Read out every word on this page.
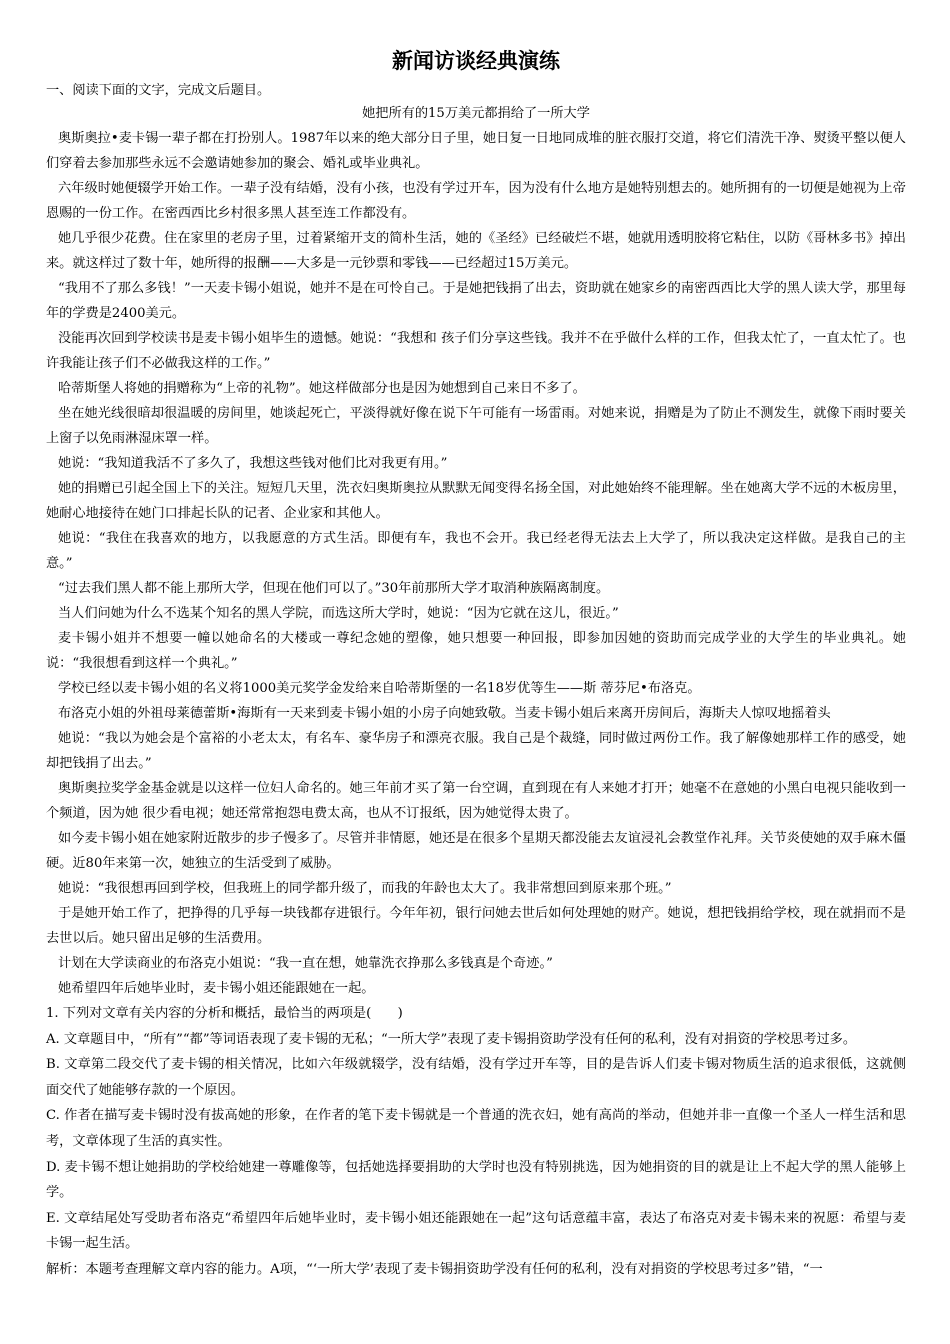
新闻访谈经典演练
一、阅读下面的文字，完成文后题目。
她把所有的15万美元都捐给了一所大学

奥斯奥拉•麦卡锡一辈子都在打扮别人。1987年以来的绝大部分日子里，她日复一日地同成堆的脏衣服打交道，将它们清洗干净、熨烫平整以便人们穿着去参加那些永远不会邀请她参加的聚会、婚礼或毕业典礼。

六年级时她便辍学开始工作。一辈子没有结婚，没有小孩，也没有学过开车，因为没有什么地方是她特别想去的。她所拥有的一切便是她视为上帝恩赐的一份工作。在密西西比乡村很多黑人甚至连工作都没有。

她几乎很少花费。住在家里的老房子里，过着紧缩开支的简朴生活，她的《圣经》已经破烂不堪，她就用透明胶将它粘住，以防《哥林多书》掉出来。就这样过了数十年，她所得的报酬——大多是一元钞票和零钱——已经超过15万美元。

“我用不了那么多钱！”一天麦卡锡小姐说，她并不是在可怜自己。于是她把钱捐了出去，资助就在她家乡的南密西西比大学的黑人读大学，那里每年的学费是2400美元。

没能再次回到学校读书是麦卡锡小姐毕生的遗憾。她说：“我想和 孩子们分享这些钱。我并不在乎做什么样的工作，但我太忙了，一直太忙了。也许我能让孩子们不必做我这样的工作。”

哈蒂斯堡人将她的捐赠称为“上帝的礼物”。她这样做部分也是因为她想到自己来日不多了。

坐在她光线很暗却很温暖的房间里，她谈起死亡，平淡得就好像在说下午可能有一场雷雨。对她来说，捐赠是为了防止不测发生，就像下雨时要关上窗子以免雨淋湿床罩一样。

她说：“我知道我活不了多久了，我想这些钱对他们比对我更有用。”

她的捐赠已引起全国上下的关注。短短几天里，洗衣妇奥斯奥拉从默默无闻变得名扬全国，对此她始终不能理解。坐在她离大学不远的木板房里，她耐心地接待在她门口排起长队的记者、企业家和其他人。

她说：“我住在我喜欢的地方，以我愿意的方式生活。即便有车，我也不会开。我已经老得无法去上大学了，所以我决定这样做。是我自己的主意。”

“过去我们黑人都不能上那所大学，但现在他们可以了。”30年前那所大学才取消种族隔离制度。

当人们问她为什么不选某个知名的黑人学院，而选这所大学时，她说：“因为它就在这儿，很近。”

麦卡锡小姐并不想要一幢以她命名的大楼或一尊纪念她的塑像，她只想要一种回报，即参加因她的资助而完成学业的大学生的毕业典礼。她说：“我很想看到这样一个典礼。”

学校已经以麦卡锡小姐的名义将1000美元奖学金发给来自哈蒂斯堡的一名18岁优等生——斯 蒂芬尼•布洛克。

布洛克小姐的外祖母莱德蕾斯•海斯有一天来到麦卡锡小姐的小房子向她致敬。当麦卡锡小姐后来离开房间后，海斯夫人惊叹地摇着头

她说：“我以为她会是个富裕的小老太太，有名车、豪华房子和漂亮衣服。我自己是个裁缝，同时做过两份工作。我了解像她那样工作的感受，她却把钱捐了出去。”

奥斯奥拉奖学金基金就是以这样一位妇人命名的。她三年前才买了第一台空调，直到现在有人来她才打开；她毫不在意她的小黑白电视只能收到一个频道，因为她 很少看电视；她还常常抱怨电费太高，也从不订报纸，因为她觉得太贵了。

如今麦卡锡小姐在她家附近散步的步子慢多了。尽管并非情愿，她还是在很多个星期天都没能去友谊浸礼会教堂作礼拜。关节炎使她的双手麻木僵硬。近80年来第一次，她独立的生活受到了威胁。

她说：“我很想再回到学校，但我班上的同学都升级了，而我的年龄也太大了。我非常想回到原来那个班。”

于是她开始工作了，把挣得的几乎每一块钱都存进银行。今年年初，银行问她去世后如何处理她的财产。她说，想把钱捐给学校，现在就捐而不是去世以后。她只留出足够的生活费用。

计划在大学读商业的布洛克小姐说：“我一直在想，她靠洗衣挣那么多钱真是个奇迹。”

她希望四年后她毕业时，麦卡锡小姐还能跟她在一起。

1. 下列对文章有关内容的分析和概括，最恰当的两项是(　　)

A. 文章题目中，“所有”“都”等词语表现了麦卡锡的无私；“一所大学”表现了麦卡锡捐资助学没有任何的私利，没有对捐资的学校思考过多。

B. 文章第二段交代了麦卡锡的相关情况，比如六年级就辍学，没有结婚，没有学过开车等，目的是告诉人们麦卡锡对物质生活的追求很低，这就侧面交代了她能够存款的一个原因。

C. 作者在描写麦卡锡时没有拔高她的形象，在作者的笔下麦卡锡就是一个普通的洗衣妇，她有高尚的举动，但她并非一直像一个圣人一样生活和思考，文章体现了生活的真实性。

D. 麦卡锡不想让她捐助的学校给她建一尊雕像等，包括她选择要捐助的大学时也没有特别挑选，因为她捐资的目的就是让上不起大学的黑人能够上学。

E. 文章结尾处写受助者布洛克“希望四年后她毕业时，麦卡锡小姐还能跟她在一起”这句话意蕴丰富，表达了布洛克对麦卡锡未来的祝愿：希望与麦卡锡一起生活。

解析：本题考查理解文章内容的能力。A项，“‘一所大学’表现了麦卡锡捐资助学没有任何的私利，没有对捐资的学校思考过多”错，“一
